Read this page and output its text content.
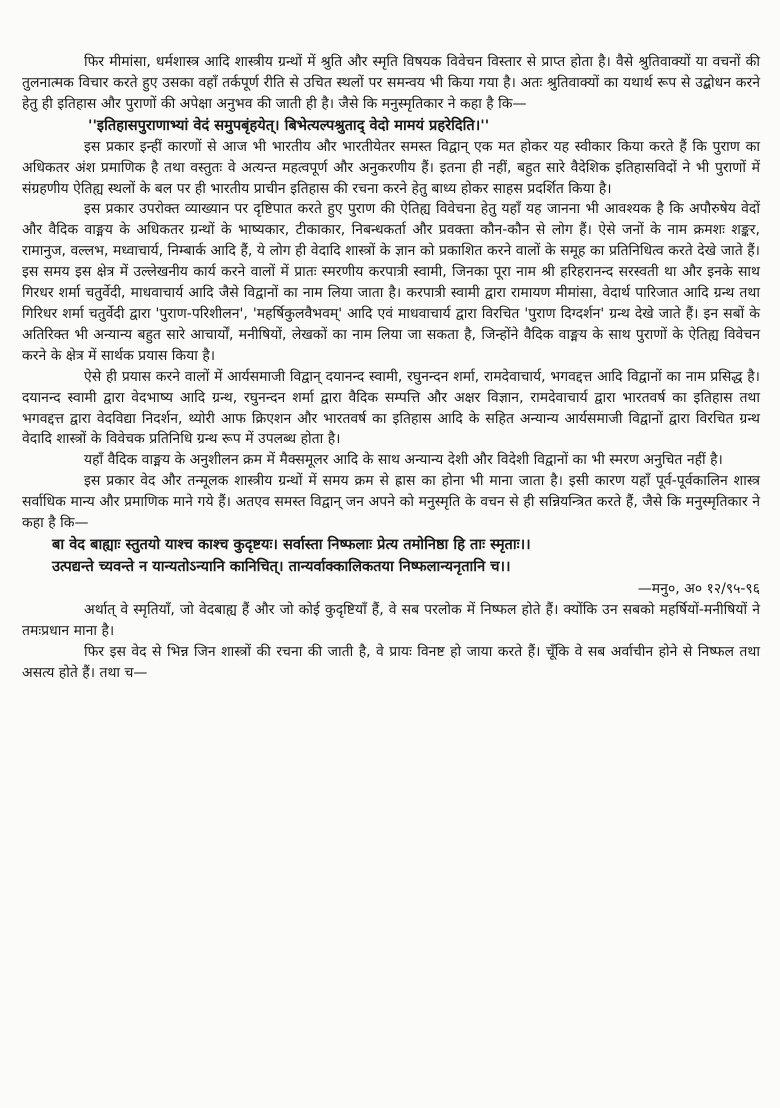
फिर मीमांसा, धर्मशास्त्र आदि शास्त्रीय ग्रन्थों में श्रुति और स्मृति विषयक विवेचन विस्तार से प्राप्त होता है। वैसे श्रुतिवाक्यों या वचनों की तुलनात्मक विचार करते हुए उसका वहाँ तर्कपूर्ण रीति से उचित स्थलों पर समन्वय भी किया गया है। अतः श्रुतिवाक्यों का यथार्थ रूप से उद्बोधन करने हेतु ही इतिहास और पुराणों की अपेक्षा अनुभव की जाती ही है। जैसे कि मनुस्मृतिकार ने कहा है कि—

''इतिहासपुराणाभ्यां वेदं समुपबृंहयेत्। बिभेत्यल्पश्रुताद् वेदो मामयं प्रहरेदिति।''

इस प्रकार इन्हीं कारणों से आज भी भारतीय और भारतीयेतर समस्त विद्वान् एक मत होकर यह स्वीकार किया करते हैं कि पुराण का अधिकतर अंश प्रमाणिक है तथा वस्तुतः वे अत्यन्त महत्वपूर्ण और अनुकरणीय हैं। इतना ही नहीं, बहुत सारे वैदेशिक इतिहासविदों ने भी पुराणों में संग्रहणीय ऐतिह्य स्थलों के बल पर ही भारतीय प्राचीन इतिहास की रचना करने हेतु बाध्य होकर साहस प्रदर्शित किया है।

इस प्रकार उपरोक्त व्याख्यान पर दृष्टिपात करते हुए पुराण की ऐतिह्य विवेचना हेतु यहाँ यह जानना भी आवश्यक है कि अपौरुषेय वेदों और वैदिक वाङ्मय के अधिकतर ग्रन्थों के भाष्यकार, टीकाकार, निबन्धकर्ता और प्रवक्ता कौन-कौन से लोग हैं। ऐसे जनों के नाम क्रमशः शङ्कर, रामानुज, वल्लभ, मध्वाचार्य, निम्बार्क आदि हैं, ये लोग ही वेदादि शास्त्रों के ज्ञान को प्रकाशित करने वालों के समूह का प्रतिनिधित्व करते देखे जाते हैं। इस समय इस क्षेत्र में उल्लेखनीय कार्य करने वालों में प्रातः स्मरणीय करपात्री स्वामी, जिनका पूरा नाम श्री हरिहरानन्द सरस्वती था और इनके साथ गिरधर शर्मा चतुर्वेदी, माधवाचार्य आदि जैसे विद्वानों का नाम लिया जाता है। करपात्री स्वामी द्वारा रामायण मीमांसा, वेदार्थ पारिजात आदि ग्रन्थ तथा गिरिधर शर्मा चतुर्वेदी द्वारा 'पुराण-परिशीलन', 'महर्षिकुलवैभवम्' आदि एवं माधवाचार्य द्वारा विरचित 'पुराण दिग्दर्शन' ग्रन्थ देखे जाते हैं। इन सबों के अतिरिक्त भी अन्यान्य बहुत सारे आचार्यों, मनीषियों, लेखकों का नाम लिया जा सकता है, जिन्होंने वैदिक वाङ्मय के साथ पुराणों के ऐतिह्य विवेचन करने के क्षेत्र में सार्थक प्रयास किया है।

ऐसे ही प्रयास करने वालों में आर्यसमाजी विद्वान् दयानन्द स्वामी, रघुनन्दन शर्मा, रामदेवाचार्य, भगवद्दत्त आदि विद्वानों का नाम प्रसिद्ध है। दयानन्द स्वामी द्वारा वेदभाष्य आदि ग्रन्थ, रघुनन्दन शर्मा द्वारा वैदिक सम्पत्ति और अक्षर विज्ञान, रामदेवाचार्य द्वारा भारतवर्ष का इतिहास तथा भगवद्दत्त द्वारा वेदविद्या निदर्शन, थ्योरी आफ क्रिएशन और भारतवर्ष का इतिहास आदि के सहित अन्यान्य आर्यसमाजी विद्वानों द्वारा विरचित ग्रन्थ वेदादि शास्त्रों के विवेचक प्रतिनिधि ग्रन्थ रूप में उपलब्ध होता है।

यहाँ वैदिक वाङ्मय के अनुशीलन क्रम में मैक्समूलर आदि के साथ अन्यान्य देशी और विदेशी विद्वानों का भी स्मरण अनुचित नहीं है।

इस प्रकार वेद और तन्मूलक शास्त्रीय ग्रन्थों में समय क्रम से ह्रास का होना भी माना जाता है। इसी कारण यहाँ पूर्व-पूर्वकालिन शास्त्र सर्वाधिक मान्य और प्रमाणिक माने गये हैं। अतएव समस्त विद्वान् जन अपने को मनुस्मृति के वचन से ही सन्नियन्त्रित करते हैं, जैसे कि मनुस्मृतिकार ने कहा है कि—

बा वेद बाह्याः स्तुतयो याश्च काश्च कुदृष्टयः। सर्वास्ता निष्फलाः प्रेत्य तमोनिष्ठा हि ताः स्मृताः।।
उत्पद्यन्ते च्यवन्ते न यान्यतोऽन्यानि कानिचित्। तान्यर्वाक्कालिकतया निष्फलान्यनृतानि च।।

—मनु०, अ० १२/९५-९६

अर्थात् वे स्मृतियाँ, जो वेदबाह्य हैं और जो कोई कुदृष्टियाँ हैं, वे सब परलोक में निष्फल होते हैं। क्योंकि उन सबको महर्षियों-मनीषियों ने तमःप्रधान माना है।

फिर इस वेद से भिन्न जिन शास्त्रों की रचना की जाती है, वे प्रायः विनष्ट हो जाया करते हैं। चूँकि वे सब अर्वाचीन होने से निष्फल तथा असत्य होते हैं। तथा च—
